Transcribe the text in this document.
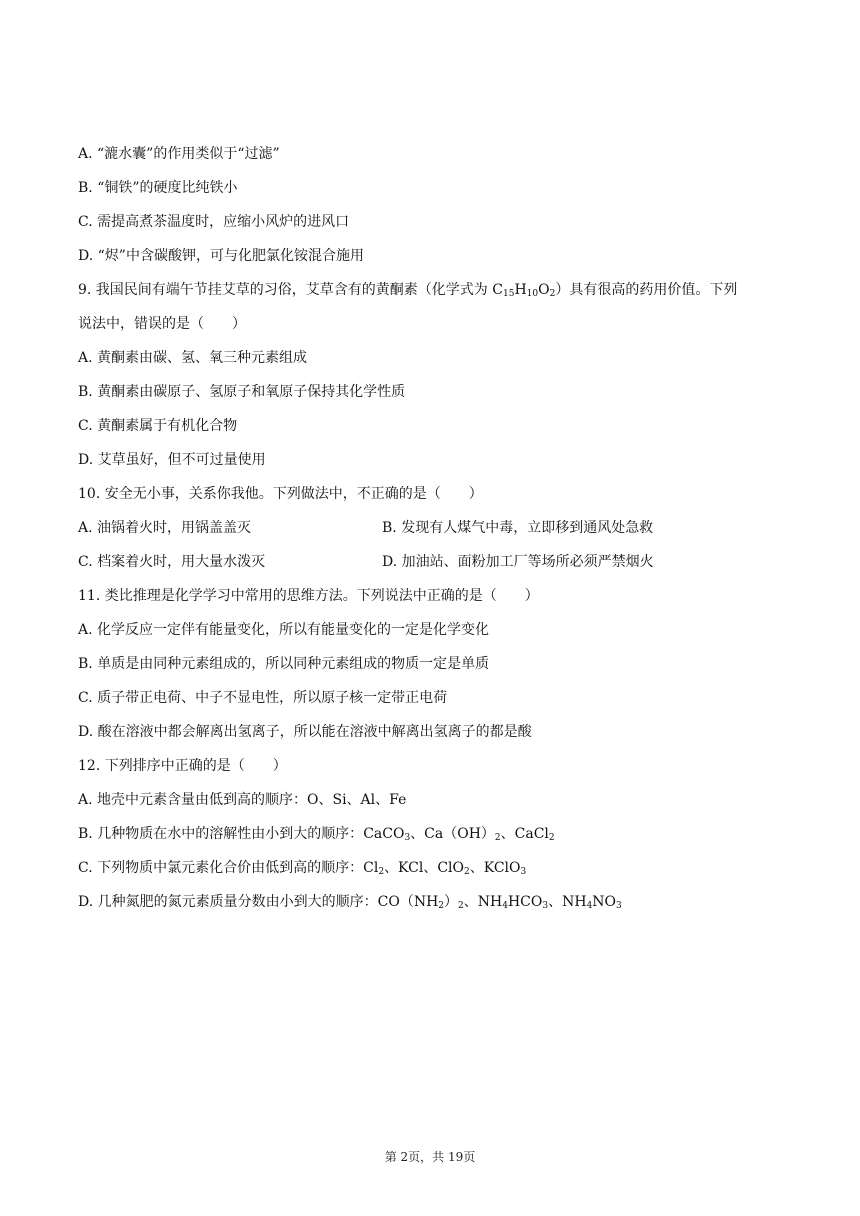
A. “漉水囊”的作用类似于“过滤”
B. “铜铁”的硬度比纯铁小
C. 需提高煮茶温度时，应缩小风炉的进风口
D. “烬”中含碳酸钾，可与化肥氯化铵混合施用
9. 我国民间有端午节挂艾草的习俗，艾草含有的黄酮素（化学式为 $C_{15}H_{10}O_2$）具有很高的药用价值。下列
说法中，错误的是（　　）
A. 黄酮素由碳、氢、氧三种元素组成
B. 黄酮素由碳原子、氢原子和氧原子保持其化学性质
C. 黄酮素属于有机化合物
D. 艾草虽好，但不可过量使用
10. 安全无小事，关系你我他。下列做法中，不正确的是（　　）
A. 油锅着火时，用锅盖盖灭	B. 发现有人煤气中毒，立即移到通风处急救
C. 档案着火时，用大量水泼灭	D. 加油站、面粉加工厂等场所必须严禁烟火
11. 类比推理是化学学习中常用的思维方法。下列说法中正确的是（　　）
A. 化学反应一定伴有能量变化，所以有能量变化的一定是化学变化
B. 单质是由同种元素组成的，所以同种元素组成的物质一定是单质
C. 质子带正电荷、中子不显电性，所以原子核一定带正电荷
D. 酸在溶液中都会解离出氢离子，所以能在溶液中解离出氢离子的都是酸
12. 下列排序中正确的是（　　）
A. 地壳中元素含量由低到高的顺序：O、Si、Al、Fe
B. 几种物质在水中的溶解性由小到大的顺序：CaCO$_3$、$Ca(OH)_2$、CaCl$_2$
C. 下列物质中氯元素化合价由低到高的顺序：$Cl_2$、KCl、ClO$_2$、KClO$_3$
D. 几种氮肥的氮元素质量分数由小到大的顺序：$CO(NH_2)_2$、$NH_4HCO_3$、$NH_4NO_3$
第 2页，共 19页
